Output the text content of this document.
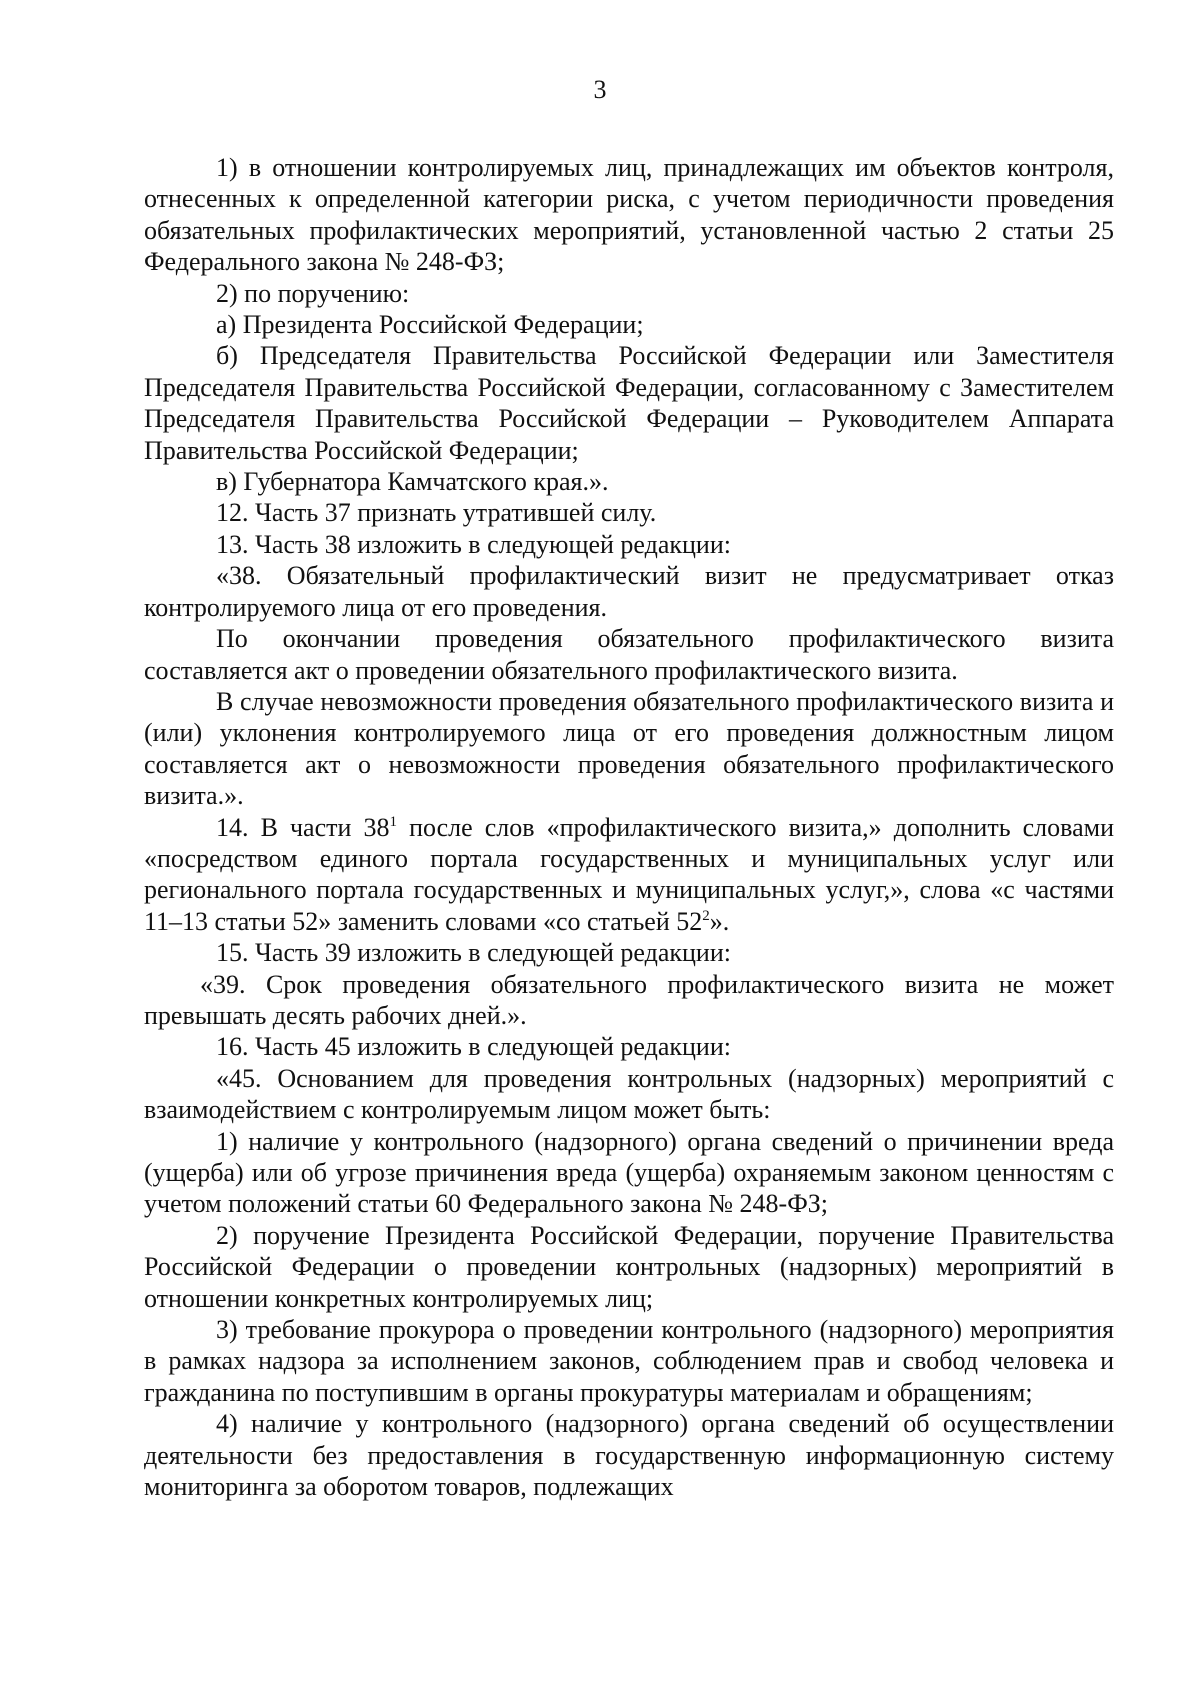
3

1) в отношении контролируемых лиц, принадлежащих им объектов контроля, отнесенных к определенной категории риска, с учетом периодичности проведения обязательных профилактических мероприятий, установленной частью 2 статьи 25 Федерального закона № 248-ФЗ;

2) по поручению:

а) Президента Российской Федерации;

б) Председателя Правительства Российской Федерации или Заместителя Председателя Правительства Российской Федерации, согласованному с Заместителем Председателя Правительства Российской Федерации – Руководителем Аппарата Правительства Российской Федерации;

в) Губернатора Камчатского края.».

12. Часть 37 признать утратившей силу.

13. Часть 38 изложить в следующей редакции:

«38. Обязательный профилактический визит не предусматривает отказ контролируемого лица от его проведения.

По окончании проведения обязательного профилактического визита составляется акт о проведении обязательного профилактического визита.

В случае невозможности проведения обязательного профилактического визита и (или) уклонения контролируемого лица от его проведения должностным лицом составляется акт о невозможности проведения обязательного профилактического визита.».

14. В части $38^1$ после слов «профилактического визита,» дополнить словами «посредством единого портала государственных и муниципальных услуг или регионального портала государственных и муниципальных услуг,», слова «с частями 11–13 статьи 52» заменить словами «со статьей $52^2$».

15. Часть 39 изложить в следующей редакции:

«39. Срок проведения обязательного профилактического визита не может превышать десять рабочих дней.».

16. Часть 45 изложить в следующей редакции:

«45. Основанием для проведения контрольных (надзорных) мероприятий с взаимодействием с контролируемым лицом может быть:

1) наличие у контрольного (надзорного) органа сведений о причинении вреда (ущерба) или об угрозе причинения вреда (ущерба) охраняемым законом ценностям с учетом положений статьи 60 Федерального закона № 248-ФЗ;

2) поручение Президента Российской Федерации, поручение Правительства Российской Федерации о проведении контрольных (надзорных) мероприятий в отношении конкретных контролируемых лиц;

3) требование прокурора о проведении контрольного (надзорного) мероприятия в рамках надзора за исполнением законов, соблюдением прав и свобод человека и гражданина по поступившим в органы прокуратуры материалам и обращениям;

4) наличие у контрольного (надзорного) органа сведений об осуществлении деятельности без предоставления в государственную информационную систему мониторинга за оборотом товаров, подлежащих
